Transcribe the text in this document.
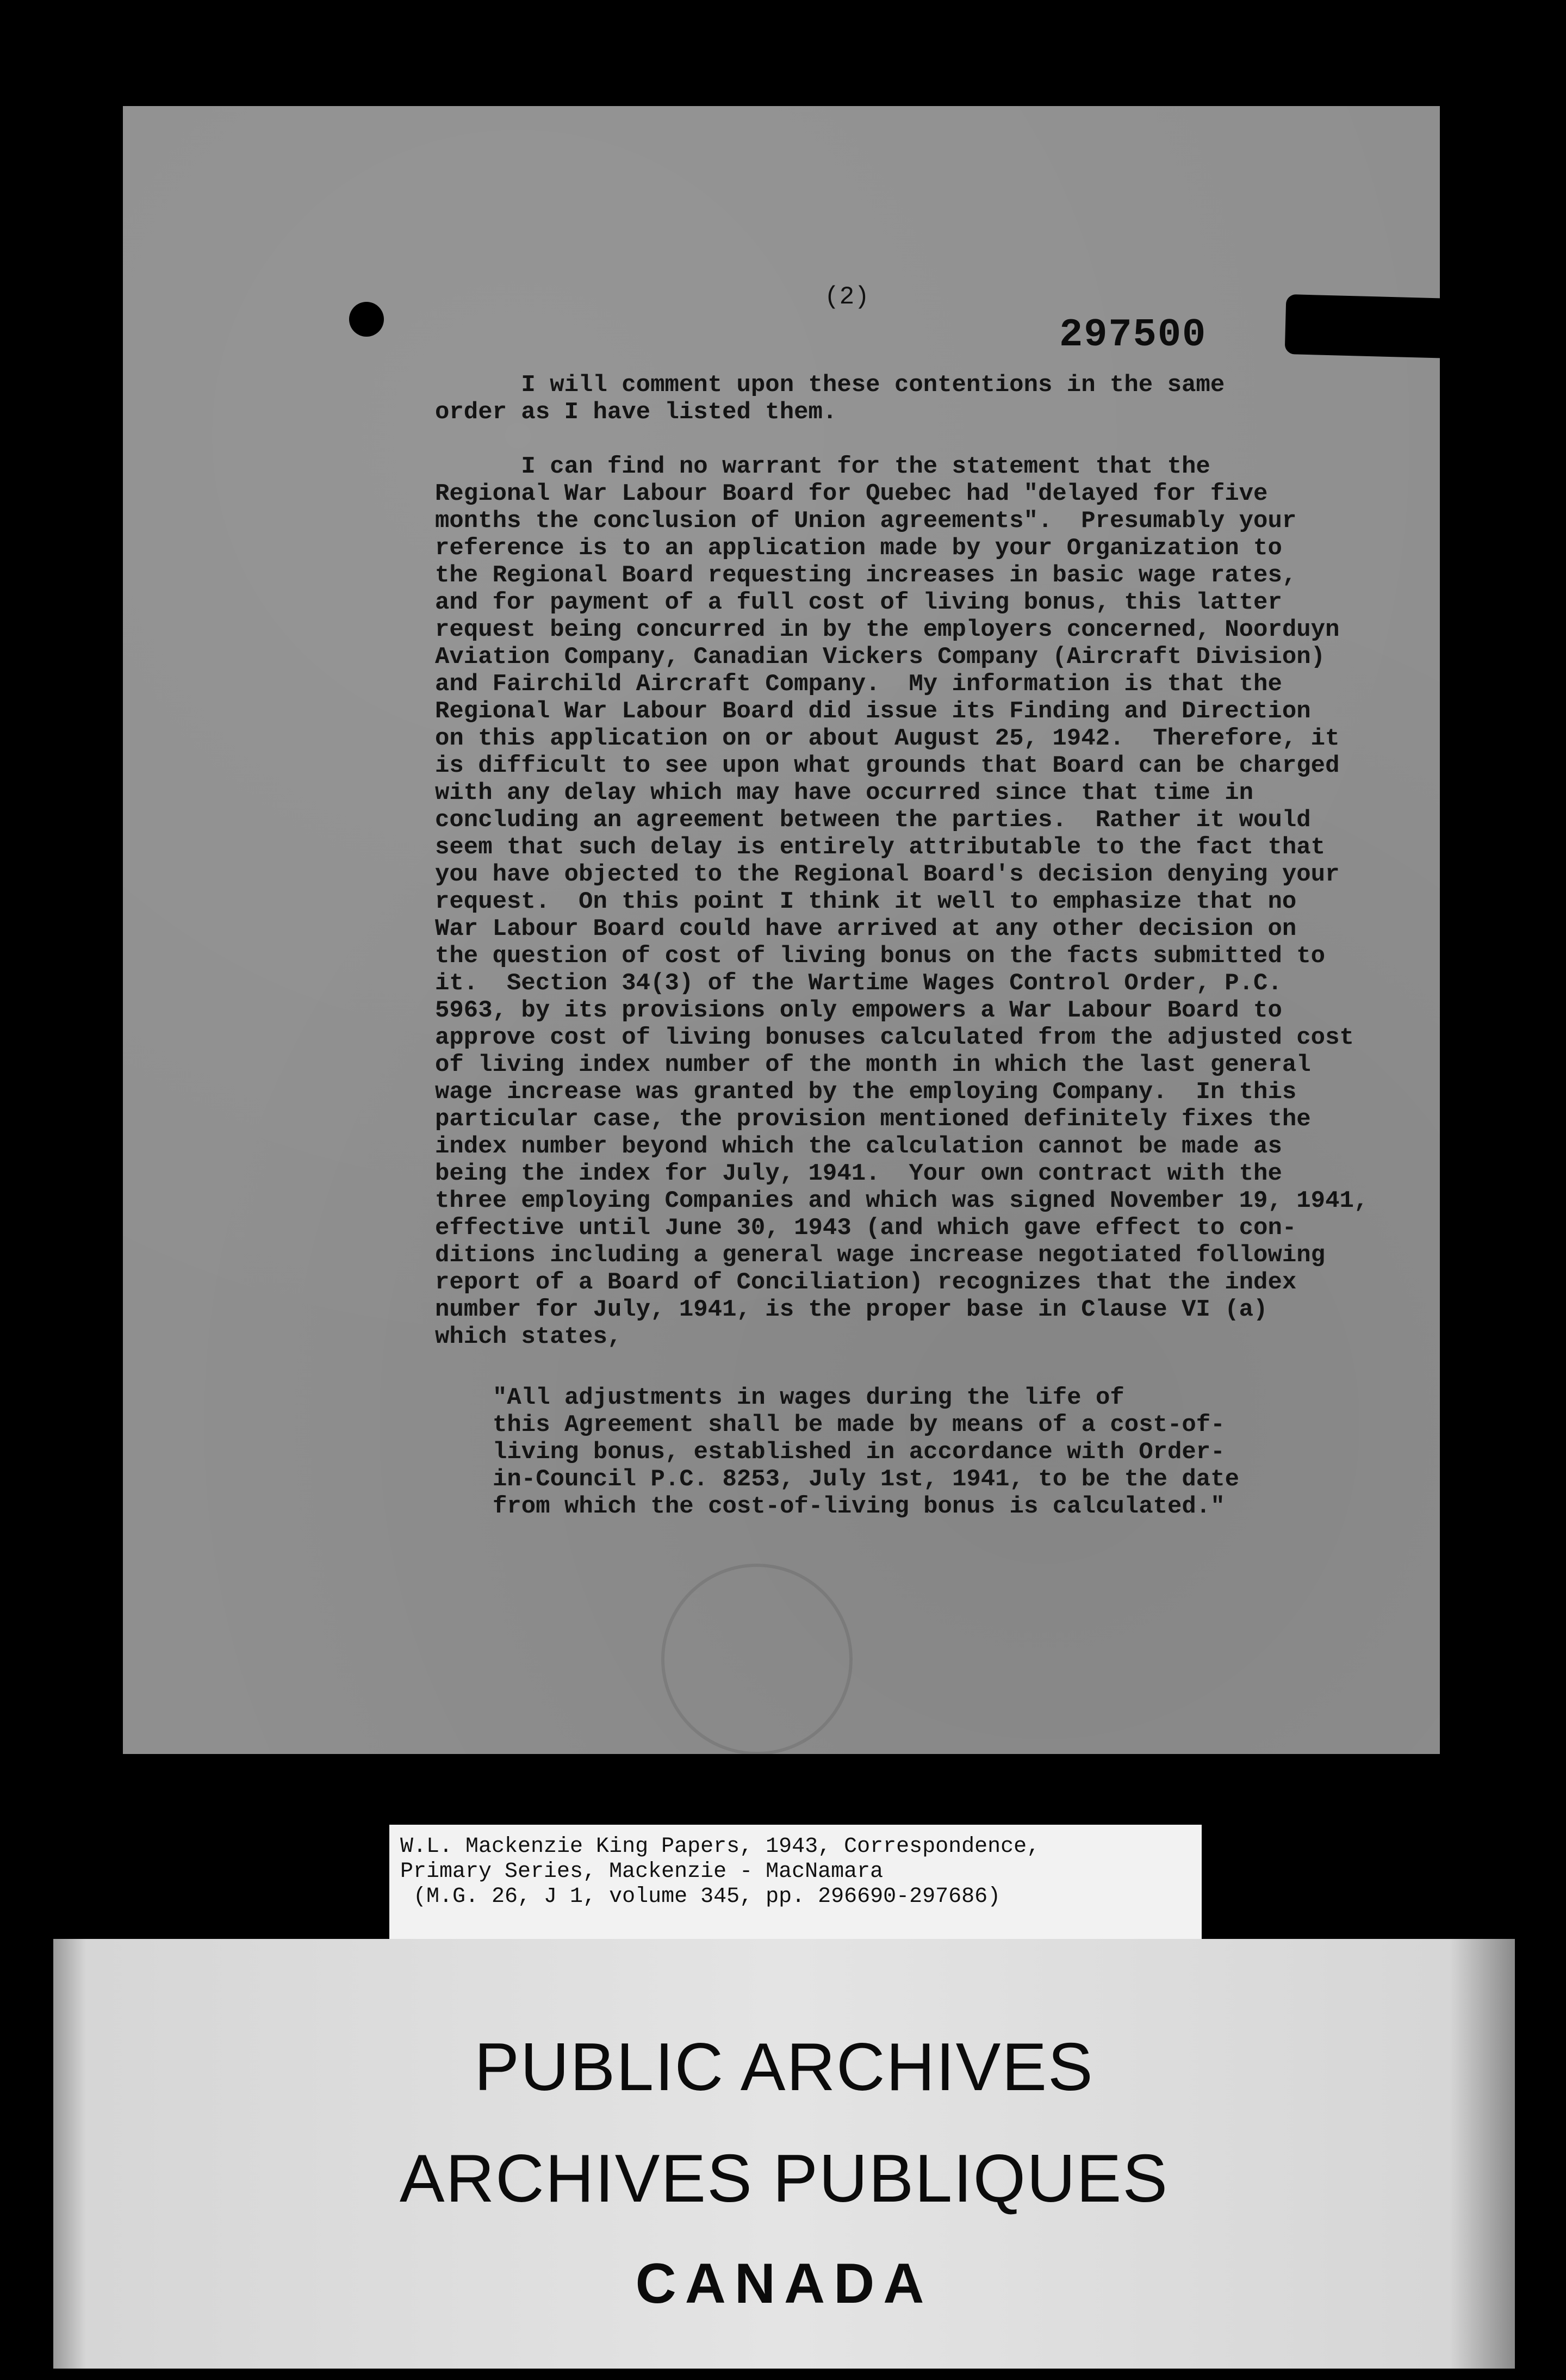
(2)
297500
I will comment upon these contentions in the same
order as I have listed them.
I can find no warrant for the statement that the
Regional War Labour Board for Quebec had "delayed for five
months the conclusion of Union agreements".  Presumably your
reference is to an application made by your Organization to
the Regional Board requesting increases in basic wage rates,
and for payment of a full cost of living bonus, this latter
request being concurred in by the employers concerned, Noorduyn
Aviation Company, Canadian Vickers Company (Aircraft Division)
and Fairchild Aircraft Company.  My information is that the
Regional War Labour Board did issue its Finding and Direction
on this application on or about August 25, 1942.  Therefore, it
is difficult to see upon what grounds that Board can be charged
with any delay which may have occurred since that time in
concluding an agreement between the parties.  Rather it would
seem that such delay is entirely attributable to the fact that
you have objected to the Regional Board's decision denying your
request.  On this point I think it well to emphasize that no
War Labour Board could have arrived at any other decision on
the question of cost of living bonus on the facts submitted to
it.  Section 34(3) of the Wartime Wages Control Order, P.C.
5963, by its provisions only empowers a War Labour Board to
approve cost of living bonuses calculated from the adjusted cost
of living index number of the month in which the last general
wage increase was granted by the employing Company.  In this
particular case, the provision mentioned definitely fixes the
index number beyond which the calculation cannot be made as
being the index for July, 1941.  Your own contract with the
three employing Companies and which was signed November 19, 1941,
effective until June 30, 1943 (and which gave effect to con-
ditions including a general wage increase negotiated following
report of a Board of Conciliation) recognizes that the index
number for July, 1941, is the proper base in Clause VI (a)
which states,
"All adjustments in wages during the life of
this Agreement shall be made by means of a cost-of-
living bonus, established in accordance with Order-
in-Council P.C. 8253, July 1st, 1941, to be the date
from which the cost-of-living bonus is calculated."
W.L. Mackenzie King Papers, 1943, Correspondence,
Primary Series, Mackenzie - MacNamara
(M.G. 26, J 1, volume 345, pp. 296690-297686)
PUBLIC ARCHIVES
ARCHIVES PUBLIQUES
CANADA
